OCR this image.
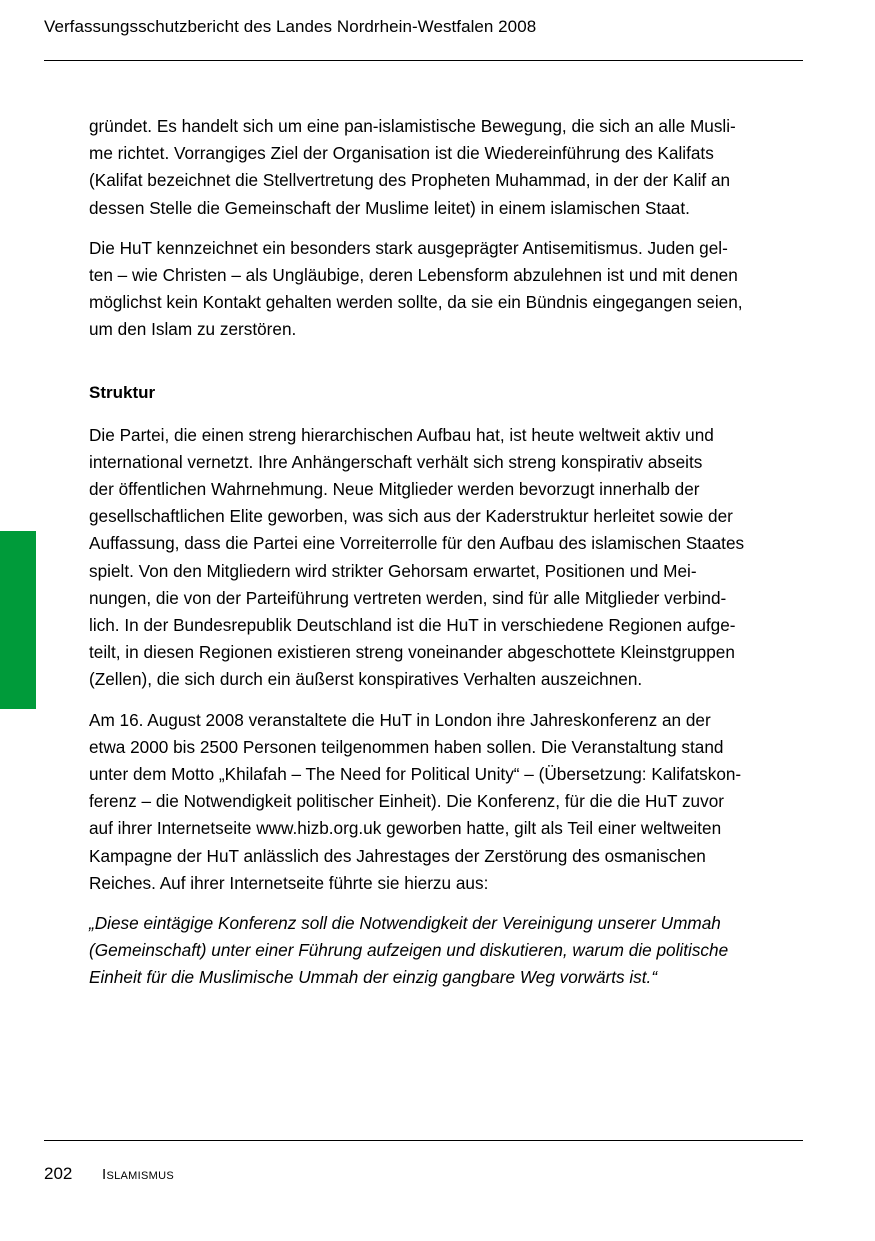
Verfassungsschutzbericht des Landes Nordrhein-Westfalen 2008

gründet. Es handelt sich um eine pan-islamistische Bewegung, die sich an alle Musli-
me richtet. Vorrangiges Ziel der Organisation ist die Wiedereinführung des Kalifats
(Kalifat bezeichnet die Stellvertretung des Propheten Muhammad, in der der Kalif an
dessen Stelle die Gemeinschaft der Muslime leitet) in einem islamischen Staat.

Die HuT kennzeichnet ein besonders stark ausgeprägter Antisemitismus. Juden gel-
ten – wie Christen – als Ungläubige, deren Lebensform abzulehnen ist und mit denen
möglichst kein Kontakt gehalten werden sollte, da sie ein Bündnis eingegangen seien,
um den Islam zu zerstören.

Struktur

Die Partei, die einen streng hierarchischen Aufbau hat, ist heute weltweit aktiv und
international vernetzt. Ihre Anhängerschaft verhält sich streng konspirativ abseits
der öffentlichen Wahrnehmung. Neue Mitglieder werden bevorzugt innerhalb der
gesellschaftlichen Elite geworben, was sich aus der Kaderstruktur herleitet sowie der
Auffassung, dass die Partei eine Vorreiterrolle für den Aufbau des islamischen Staates
spielt. Von den Mitgliedern wird strikter Gehorsam erwartet, Positionen und Mei-
nungen, die von der Parteiführung vertreten werden, sind für alle Mitglieder verbind-
lich. In der Bundesrepublik Deutschland ist die HuT in verschiedene Regionen aufge-
teilt, in diesen Regionen existieren streng voneinander abgeschottete Kleinstgruppen
(Zellen), die sich durch ein äußerst konspiratives Verhalten auszeichnen.

Am 16. August 2008 veranstaltete die HuT in London ihre Jahreskonferenz an der
etwa 2000 bis 2500 Personen teilgenommen haben sollen. Die Veranstaltung stand
unter dem Motto „Khilafah – The Need for Political Unity“ – (Übersetzung: Kalifatskon-
ferenz – die Notwendigkeit politischer Einheit). Die Konferenz, für die die HuT zuvor
auf ihrer Internetseite www.hizb.org.uk geworben hatte, gilt als Teil einer weltweiten
Kampagne der HuT anlässlich des Jahrestages der Zerstörung des osmanischen
Reiches. Auf ihrer Internetseite führte sie hierzu aus:

„Diese eintägige Konferenz soll die Notwendigkeit der Vereinigung unserer Ummah
(Gemeinschaft) unter einer Führung aufzeigen und diskutieren, warum die politische
Einheit für die Muslimische Ummah der einzig gangbare Weg vorwärts ist.“

202 Islamismus
